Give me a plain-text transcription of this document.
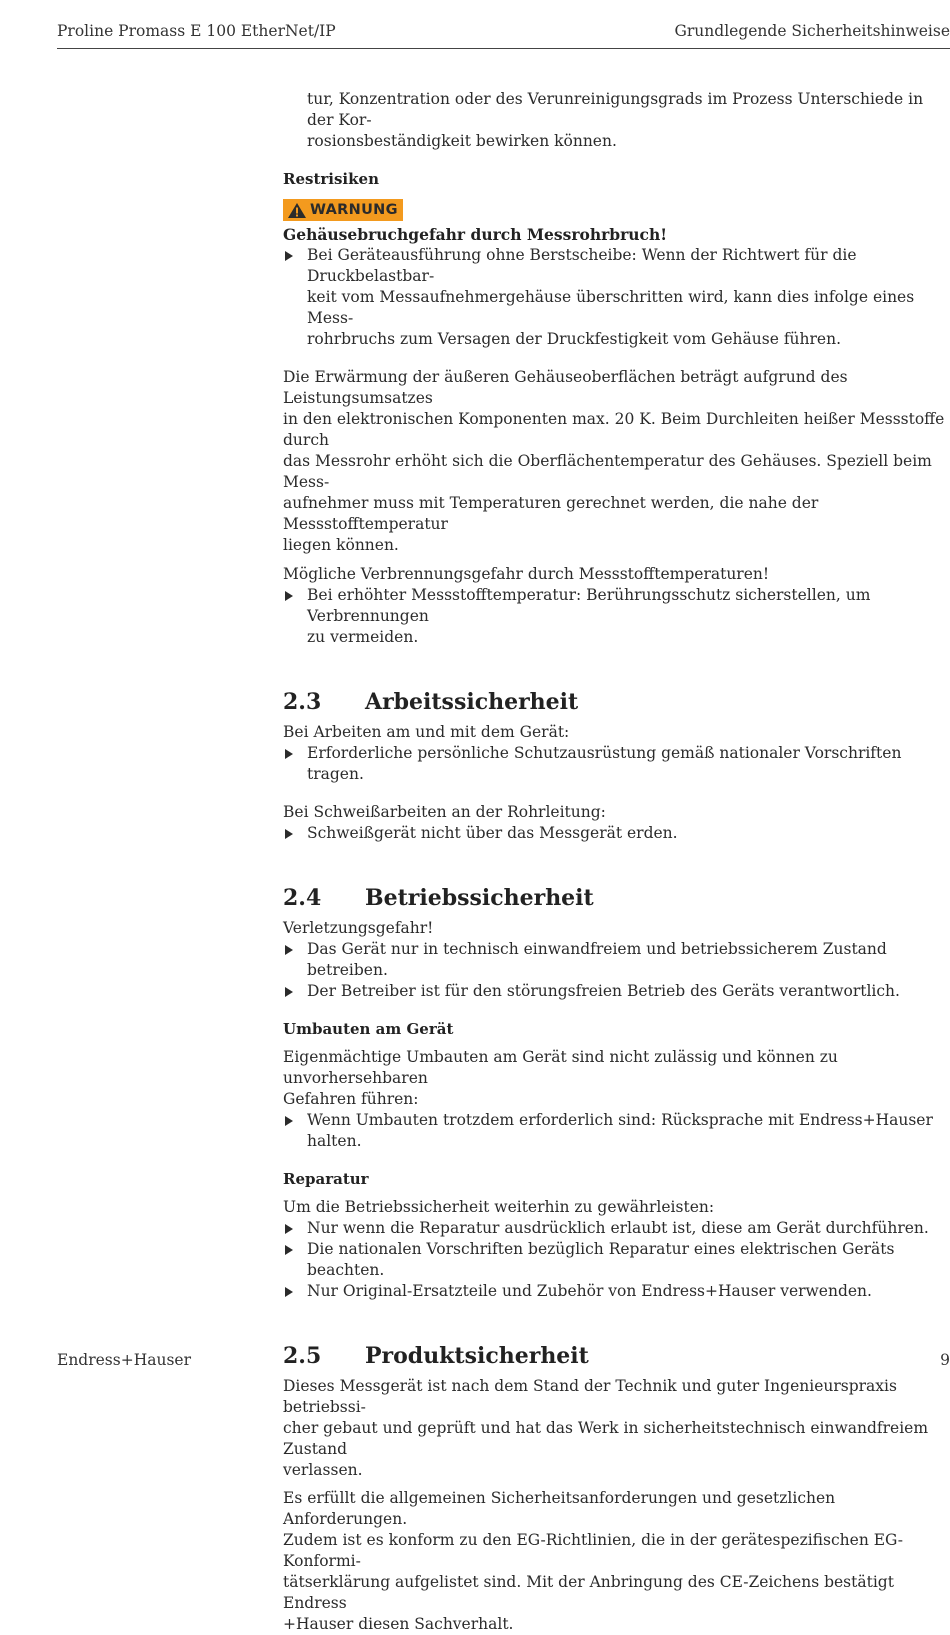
Proline Promass E 100 EtherNet/IP	Grundlegende Sicherheitshinweise

tur, Konzentration oder des Verunreinigungsgrads im Prozess Unterschiede in der Kor-

rosionsbeständigkeit bewirken können.

Restrisiken
WARNUNG
Gehäusebruchgefahr durch Messrohrbruch!
Bei Geräteausführung ohne Berstscheibe: Wenn der Richtwert für die Druckbelastbar-
keit vom Messaufnehmergehäuse überschritten wird, kann dies infolge eines Mess-
rohrbruchs zum Versagen der Druckfestigkeit vom Gehäuse führen.

Die Erwärmung der äußeren Gehäuseoberflächen beträgt aufgrund des Leistungsumsatzes

in den elektronischen Komponenten max. 20 K. Beim Durchleiten heißer Messstoffe durch

das Messrohr erhöht sich die Oberflächentemperatur des Gehäuses. Speziell beim Mess-

aufnehmer muss mit Temperaturen gerechnet werden, die nahe der Messstofftemperatur

liegen können.

Mögliche Verbrennungsgefahr durch Messstofftemperaturen!

Bei erhöhter Messstofftemperatur: Berührungsschutz sicherstellen, um Verbrennungen
zu vermeiden.
2.3	Arbeitssicherheit

Bei Arbeiten am und mit dem Gerät:

Erforderliche persönliche Schutzausrüstung gemäß nationaler Vorschriften tragen.

Bei Schweißarbeiten an der Rohrleitung:

Schweißgerät nicht über das Messgerät erden.
2.4	Betriebssicherheit

Verletzungsgefahr!

Das Gerät nur in technisch einwandfreiem und betriebssicherem Zustand betreiben.
Der Betreiber ist für den störungsfreien Betrieb des Geräts verantwortlich.
Umbauten am Gerät

Eigenmächtige Umbauten am Gerät sind nicht zulässig und können zu unvorhersehbaren

Gefahren führen:

Wenn Umbauten trotzdem erforderlich sind: Rücksprache mit Endress+Hauser halten.
Reparatur

Um die Betriebssicherheit weiterhin zu gewährleisten:

Nur wenn die Reparatur ausdrücklich erlaubt ist, diese am Gerät durchführen.
Die nationalen Vorschriften bezüglich Reparatur eines elektrischen Geräts beachten.
Nur Original-Ersatzteile und Zubehör von Endress+Hauser verwenden.
2.5	Produktsicherheit

Dieses Messgerät ist nach dem Stand der Technik und guter Ingenieurspraxis betriebssi-

cher gebaut und geprüft und hat das Werk in sicherheitstechnisch einwandfreiem Zustand

verlassen.

Es erfüllt die allgemeinen Sicherheitsanforderungen und gesetzlichen Anforderungen.

Zudem ist es konform zu den EG-Richtlinien, die in der gerätespezifischen EG-Konformi-

tätserklärung aufgelistet sind. Mit der Anbringung des CE-Zeichens bestätigt Endress

+Hauser diesen Sachverhalt.

Endress+Hauser	9
